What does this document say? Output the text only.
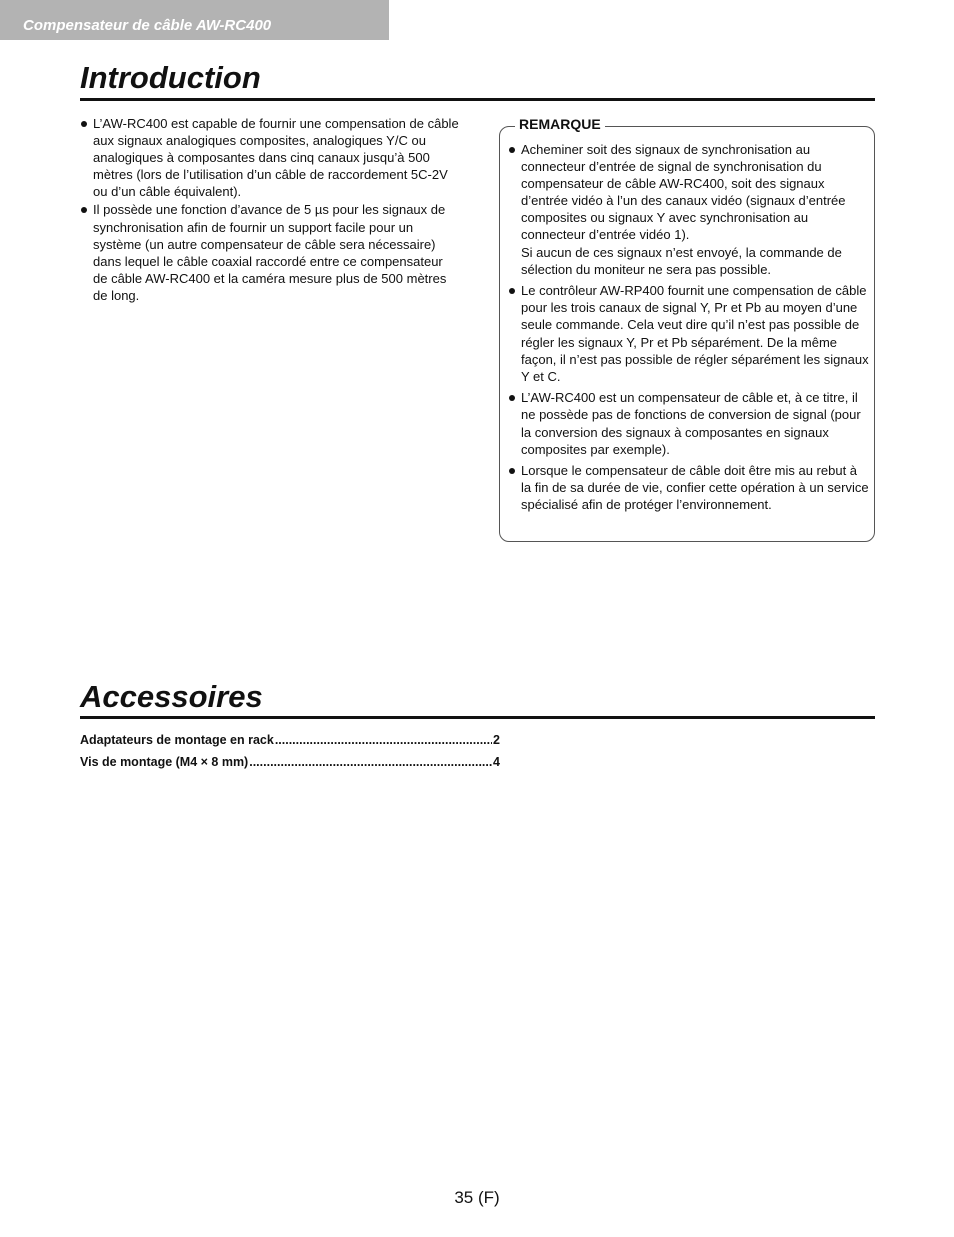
Compensateur de câble AW-RC400
Introduction
L’AW-RC400 est capable de fournir une compensation de câble aux signaux analogiques composites, analogiques Y/C ou analogiques à composantes dans cinq canaux jusqu’à 500 mètres (lors de l’utilisation d’un câble de raccordement 5C-2V ou d’un câble équivalent).
Il possède une fonction d’avance de 5 µs pour les signaux de synchronisation afin de fournir un support facile pour un système (un autre compensateur de câble sera nécessaire) dans lequel le câble coaxial raccordé entre ce compensateur de câble AW-RC400 et la caméra mesure plus de 500 mètres de long.
REMARQUE
Acheminer soit des signaux de synchronisation au connecteur d’entrée de signal de synchronisation du compensateur de câble AW-RC400, soit des signaux d’entrée vidéo à l’un des canaux vidéo (signaux d’entrée composites ou signaux Y avec synchronisation au connecteur d’entrée vidéo 1).
Si aucun de ces signaux n’est envoyé, la commande de sélection du moniteur ne sera pas possible.
Le contrôleur AW-RP400 fournit une compensation de câble pour les trois canaux de signal Y, Pr et Pb au moyen d’une seule commande. Cela veut dire qu’il n’est pas possible de régler les signaux Y, Pr et Pb séparément. De la même façon, il n’est pas possible de régler séparément les signaux Y et C.
L’AW-RC400 est un compensateur de câble et, à ce titre, il ne possède pas de fonctions de conversion de signal (pour la conversion des signaux à composantes en signaux composites par exemple).
Lorsque le compensateur de câble doit être mis au rebut à la fin de sa durée de vie, confier cette opération à un service spécialisé afin de protéger l’environnement.
Accessoires
Adaptateurs de montage en rack .....	2
Vis de montage (M4 × 8 mm) .....	4
35 (F)
